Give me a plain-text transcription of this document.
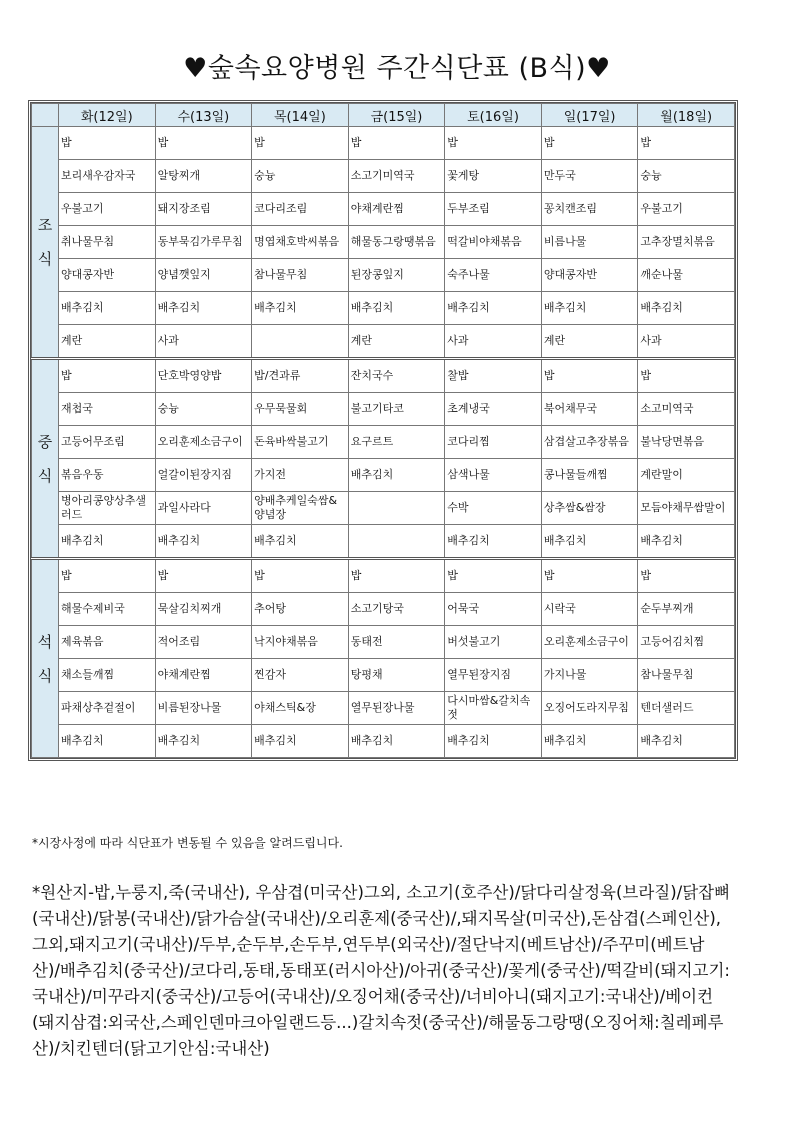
♥숲속요양병원 주간식단표 (B식)♥
	화(12일)	수(13일)	목(14일)	금(15일)	토(16일)	일(17일)	월(18일)

조
식	밥	밥	밥	밥	밥	밥	밥
	보리새우감자국	알탕찌개	숭늉	소고기미역국	꽃게탕	만두국	숭늉
	우불고기	돼지장조림	코다리조림	야채계란찜	두부조림	꽁치캔조림	우불고기
	취나물무침	동부묵김가루무침	명엽채호박씨볶음	해물동그랑땡볶음	떡갈비야채볶음	비름나물	고추장멸치볶음
	양대콩자반	양념깻잎지	참나물무침	된장콩잎지	숙주나물	양대콩자반	깨순나물
	배추김치	배추김치	배추김치	배추김치	배추김치	배추김치	배추김치
	계란	사과		계란	사과	계란	사과

중
식	밥	단호박영양밥	밥/견과류	잔치국수	찰밥	밥	밥
	재첩국	숭늉	우무묵물회	불고기타코	초계냉국	북어채무국	소고미역국
	고등어무조림	오리훈제소금구이	돈육바싹불고기	요구르트	코다리찜	삼겹살고추장볶음	불낙당면볶음
	볶음우동	얼갈이된장지짐	가지전	배추김치	삼색나물	콩나물들깨찜	계란말이
	병아리콩양상추샐러드	과일사라다	양배추케일숙쌈&양념장		수박	상추쌈&쌈장	모듬야채무쌈말이
	배추김치	배추김치	배추김치		배추김치	배추김치	배추김치

석
식	밥	밥	밥	밥	밥	밥	밥
	해물수제비국	묵살김치찌개	추어탕	소고기탕국	어묵국	시락국	순두부찌개
	제육볶음	적어조림	낙지야채볶음	동태전	버섯불고기	오리훈제소금구이	고등어김치찜
	채소들깨찜	야채계란찜	찐감자	탕평채	열무된장지짐	가지나물	참나물무침
	파채상추겉절이	비름된장나물	야채스틱&장	열무된장나물	다시마쌈&갈치속젓	오징어도라지무침	텐더샐러드
	배추김치	배추김치	배추김치	배추김치	배추김치	배추김치	배추김치
*시장사정에 따라 식단표가 변동될 수 있음을 알려드립니다.
*원산지-밥,누룽지,죽(국내산), 우삼겹(미국산)그외, 소고기(호주산)/닭다리살정육(브라질)/닭잡뼈(국내산)/닭봉(국내산)/닭가슴살(국내산)/오리훈제(중국산)/,돼지목살(미국산),돈삼겹(스페인산),그외,돼지고기(국내산)/두부,순두부,손두부,연두부(외국산)/절단낙지(베트남산)/주꾸미(베트남산)/배추김치(중국산)/코다리,동태,동태포(러시아산)/아귀(중국산)/꽃게(중국산)/떡갈비(돼지고기:국내산)/미꾸라지(중국산)/고등어(국내산)/오징어채(중국산)/너비아니(돼지고기:국내산)/베이컨(돼지삼겹:외국산,스페인덴마크아일랜드등...)갈치속젓(중국산)/해물동그랑땡(오징어채:칠레페루산)/치킨텐더(닭고기안심:국내산)
